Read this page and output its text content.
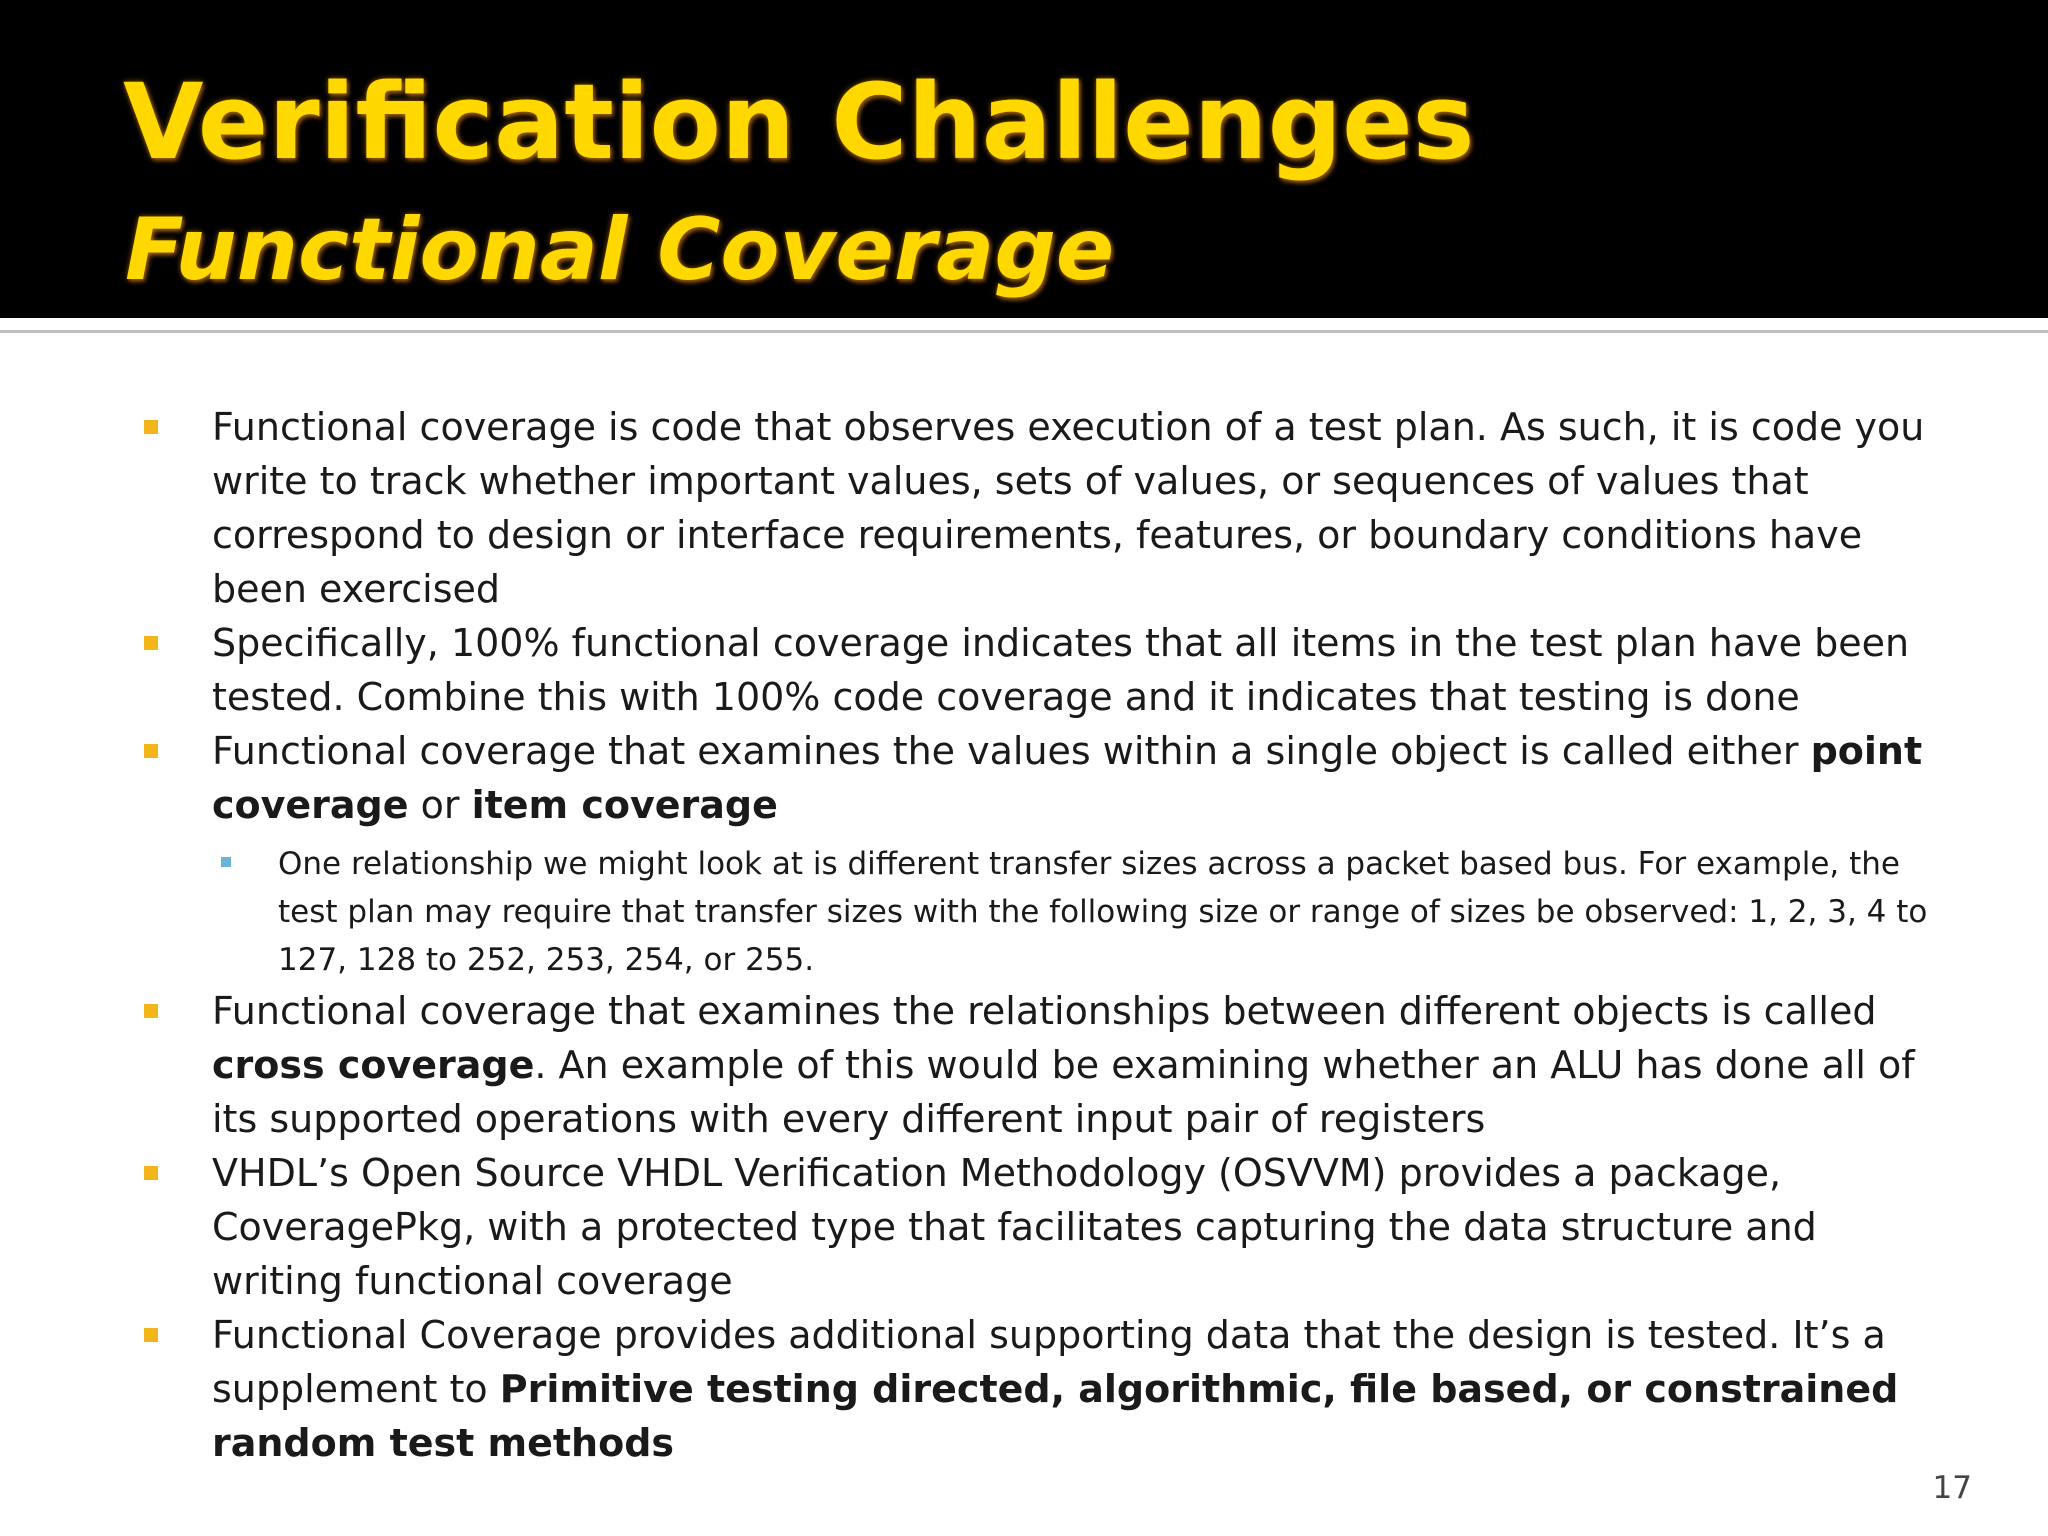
Verification Challenges
Functional Coverage
Functional coverage is code that observes execution of a test plan. As such, it is code you write to track whether important values, sets of values, or sequences of values that correspond to design or interface requirements, features, or boundary conditions have been exercised
Specifically, 100% functional coverage indicates that all items in the test plan have been tested. Combine this with 100% code coverage and it indicates that testing is done
Functional coverage that examines the values within a single object is called either point coverage or item coverage
One relationship we might look at is different transfer sizes across a packet based bus. For example, the test plan may require that transfer sizes with the following size or range of sizes be observed: 1, 2, 3, 4 to 127, 128 to 252, 253, 254, or 255.
Functional coverage that examines the relationships between different objects is called cross coverage. An example of this would be examining whether an ALU has done all of its supported operations with every different input pair of registers
VHDL’s Open Source VHDL Verification Methodology (OSVVM) provides a package, CoveragePkg, with a protected type that facilitates capturing the data structure and writing functional coverage
Functional Coverage provides additional supporting data that the design is tested. It’s a supplement to Primitive testing directed, algorithmic, file based, or constrained random test methods
17
